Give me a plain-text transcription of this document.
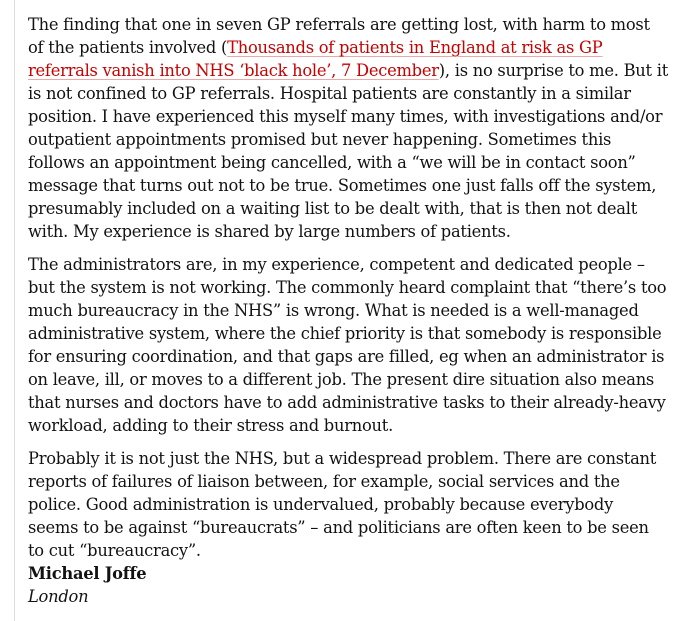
The finding that one in seven GP referrals are getting lost, with harm to most of the patients involved (Thousands of patients in England at risk as GP referrals vanish into NHS ‘black hole’, 7 December), is no surprise to me. But it is not confined to GP referrals. Hospital patients are constantly in a similar position. I have experienced this myself many times, with investigations and/or outpatient appointments promised but never happening. Sometimes this follows an appointment being cancelled, with a “we will be in contact soon” message that turns out not to be true. Sometimes one just falls off the system, presumably included on a waiting list to be dealt with, that is then not dealt with. My experience is shared by large numbers of patients.

The administrators are, in my experience, competent and dedicated people – but the system is not working. The commonly heard complaint that “there’s too much bureaucracy in the NHS” is wrong. What is needed is a well-managed administrative system, where the chief priority is that somebody is responsible for ensuring coordination, and that gaps are filled, eg when an administrator is on leave, ill, or moves to a different job. The present dire situation also means that nurses and doctors have to add administrative tasks to their already-heavy workload, adding to their stress and burnout.

Probably it is not just the NHS, but a widespread problem. There are constant reports of failures of liaison between, for example, social services and the police. Good administration is undervalued, probably because everybody seems to be against “bureaucrats” – and politicians are often keen to be seen to cut “bureaucracy”.

Michael Joffe
London
